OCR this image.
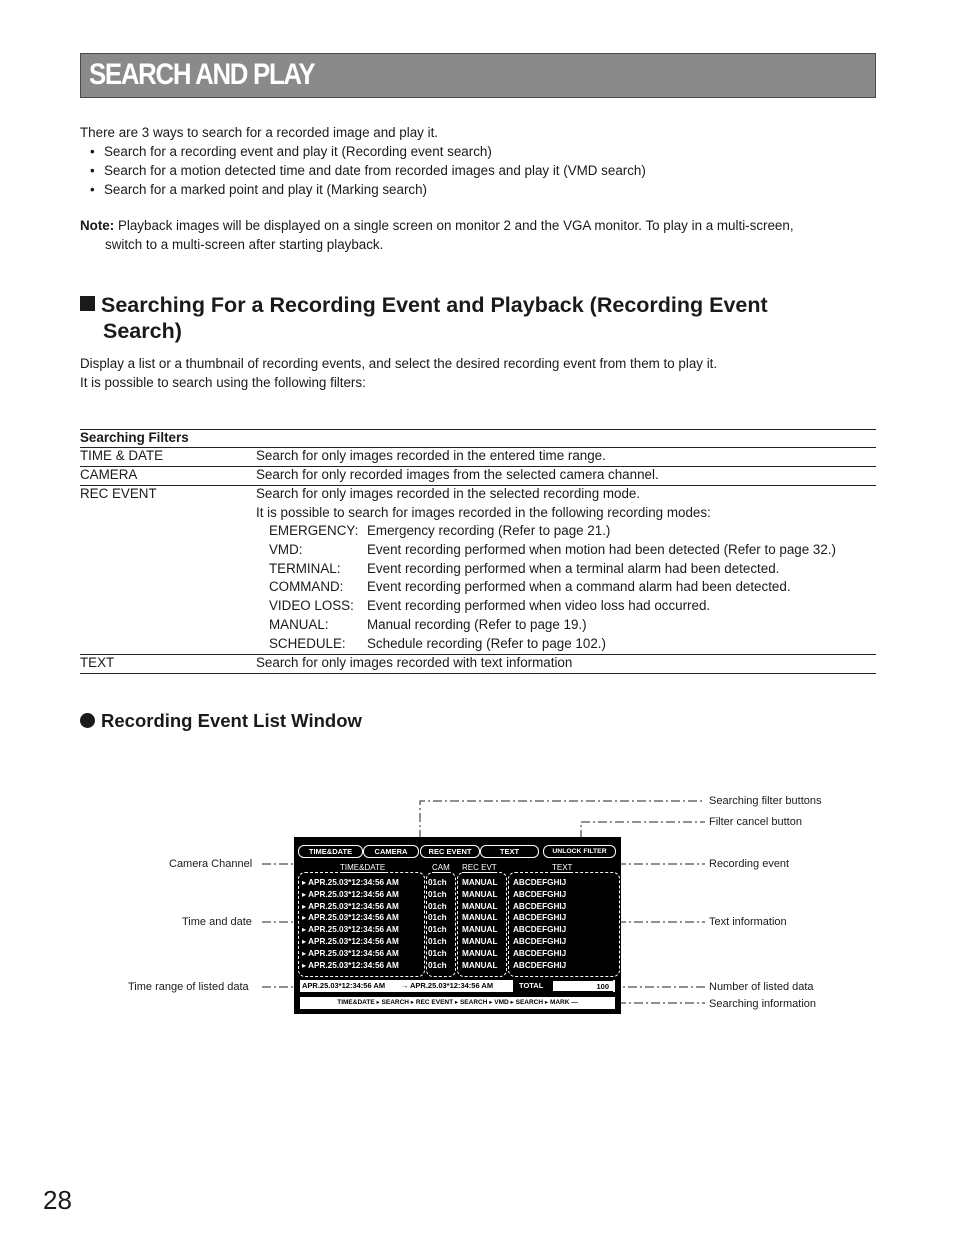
SEARCH AND PLAY
There are 3 ways to search for a recorded image and play it.
• Search for a recording event and play it (Recording event search)
• Search for a motion detected time and date from recorded images and play it (VMD search)
• Search for a marked point and play it (Marking search)
Note: Playback images will be displayed on a single screen on monitor 2 and the VGA monitor. To play in a multi-screen,
switch to a multi-screen after starting playback.
Searching For a Recording Event and Playback (Recording Event
Search)
Display a list or a thumbnail of recording events, and select the desired recording event from them to play it.
It is possible to search using the following filters:
Searching Filters
TIME & DATE	Search for only images recorded in the entered time range.
CAMERA	Search for only recorded images from the selected camera channel.
REC EVENT	Search for only images recorded in the selected recording mode.
It is possible to search for images recorded in the following recording modes:
EMERGENCY: Emergency recording (Refer to page 21.)
VMD:	Event recording performed when motion had been detected (Refer to page 32.)
TERMINAL: Event recording performed when a terminal alarm had been detected.
COMMAND: Event recording performed when a command alarm had been detected.
VIDEO LOSS: Event recording performed when video loss had occurred.
MANUAL:	Manual recording (Refer to page 19.)
SCHEDULE: Schedule recording (Refer to page 102.)
TEXT	Search for only images recorded with text information
Recording Event List Window
TIME&DATE	CAMERA	REC EVENT	TEXT	UNLOCK FILTER
TIME&DATE	CAM REC EVT	TEXT
▸ APR.25.03*12:34:56 AM	01ch MANUAL ABCDEFGHIJ
▸ APR.25.03*12:34:56 AM	01ch MANUAL ABCDEFGHIJ
▸ APR.25.03*12:34:56 AM	01ch MANUAL ABCDEFGHIJ
▸ APR.25.03*12:34:56 AM	01ch MANUAL ABCDEFGHIJ
▸ APR.25.03*12:34:56 AM	01ch MANUAL ABCDEFGHIJ
▸ APR.25.03*12:34:56 AM	01ch MANUAL ABCDEFGHIJ
▸ APR.25.03*12:34:56 AM	01ch MANUAL ABCDEFGHIJ
▸ APR.25.03*12:34:56 AM	01ch MANUAL ABCDEFGHIJ
APR.25.03*12:34:56 AM → APR.25.03*12:34:56 AM	TOTAL	100
TIME&DATE ▸ SEARCH ▸ REC EVENT ▸ SEARCH ▸ VMD ▸ SEARCH ▸ MARK —
Camera Channel
Time and date
Time range of listed data
Searching filter buttons
Filter cancel button
Recording event
Text information
Number of listed data
Searching information
28
